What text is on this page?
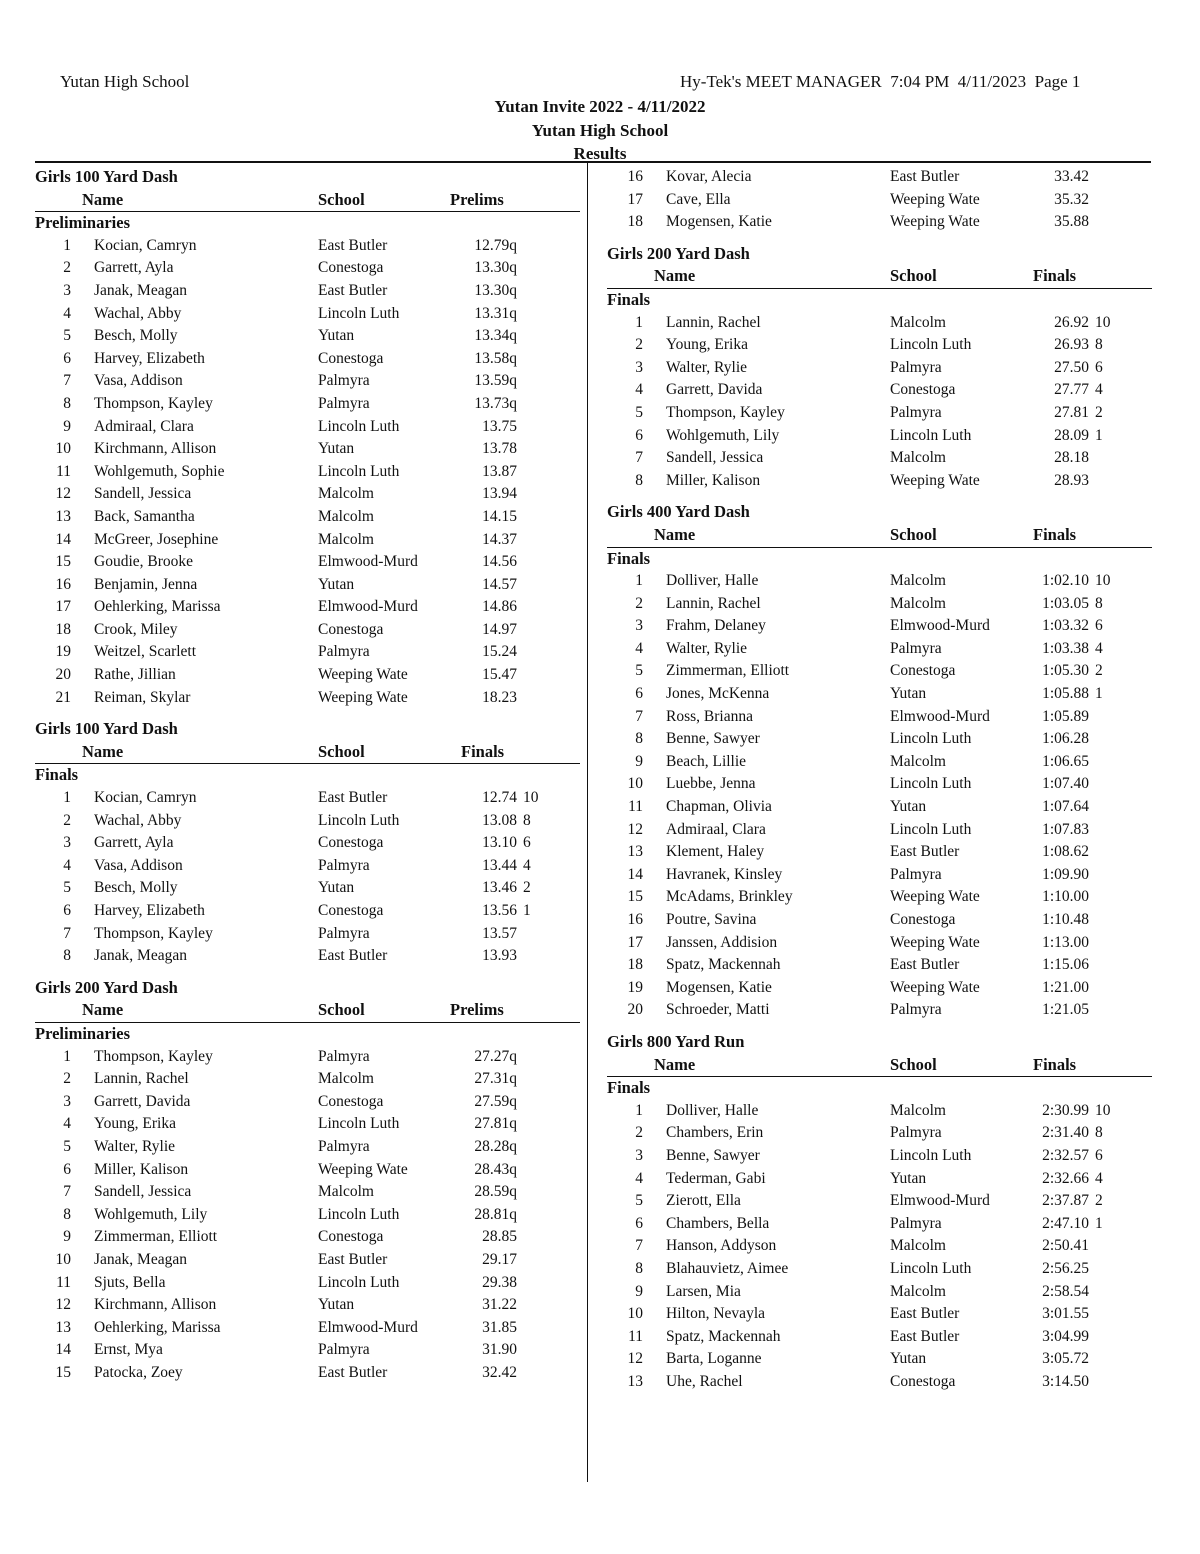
Yutan High School	Hy-Tek's MEET MANAGER  7:04 PM  4/11/2023  Page 1
Yutan Invite 2022 - 4/11/2022
Yutan High School
Results
Girls 100 Yard Dash
Name	School	Prelims
Preliminaries
1 Kocian, Camryn	East Butler	12.79q
2 Garrett, Ayla	Conestoga	13.30q
3 Janak, Meagan	East Butler	13.30q
4 Wachal, Abby	Lincoln Luth	13.31q
5 Besch, Molly	Yutan	13.34q
6 Harvey, Elizabeth	Conestoga	13.58q
7 Vasa, Addison	Palmyra	13.59q
8 Thompson, Kayley	Palmyra	13.73q
9 Admiraal, Clara	Lincoln Luth	13.75
10 Kirchmann, Allison	Yutan	13.78
11 Wohlgemuth, Sophie	Lincoln Luth	13.87
12 Sandell, Jessica	Malcolm	13.94
13 Back, Samantha	Malcolm	14.15
14 McGreer, Josephine	Malcolm	14.37
15 Goudie, Brooke	Elmwood-Murd	14.56
16 Benjamin, Jenna	Yutan	14.57
17 Oehlerking, Marissa	Elmwood-Murd	14.86
18 Crook, Miley	Conestoga	14.97
19 Weitzel, Scarlett	Palmyra	15.24
20 Rathe, Jillian	Weeping Wate	15.47
21 Reiman, Skylar	Weeping Wate	18.23
Girls 100 Yard Dash
Name	School	Finals
Finals
1 Kocian, Camryn	East Butler	12.74 10
2 Wachal, Abby	Lincoln Luth	13.08 8
3 Garrett, Ayla	Conestoga	13.10 6
4 Vasa, Addison	Palmyra	13.44 4
5 Besch, Molly	Yutan	13.46 2
6 Harvey, Elizabeth	Conestoga	13.56 1
7 Thompson, Kayley	Palmyra	13.57
8 Janak, Meagan	East Butler	13.93
Girls 200 Yard Dash
Name	School	Prelims
Preliminaries
1 Thompson, Kayley	Palmyra	27.27q
2 Lannin, Rachel	Malcolm	27.31q
3 Garrett, Davida	Conestoga	27.59q
4 Young, Erika	Lincoln Luth	27.81q
5 Walter, Rylie	Palmyra	28.28q
6 Miller, Kalison	Weeping Wate	28.43q
7 Sandell, Jessica	Malcolm	28.59q
8 Wohlgemuth, Lily	Lincoln Luth	28.81q
9 Zimmerman, Elliott	Conestoga	28.85
10 Janak, Meagan	East Butler	29.17
11 Sjuts, Bella	Lincoln Luth	29.38
12 Kirchmann, Allison	Yutan	31.22
13 Oehlerking, Marissa	Elmwood-Murd	31.85
14 Ernst, Mya	Palmyra	31.90
15 Patocka, Zoey	East Butler	32.42
16 Kovar, Alecia	East Butler	33.42
17 Cave, Ella	Weeping Wate	35.32
18 Mogensen, Katie	Weeping Wate	35.88
Girls 200 Yard Dash
Name	School	Finals
Finals
1 Lannin, Rachel	Malcolm	26.92 10
2 Young, Erika	Lincoln Luth	26.93 8
3 Walter, Rylie	Palmyra	27.50 6
4 Garrett, Davida	Conestoga	27.77 4
5 Thompson, Kayley	Palmyra	27.81 2
6 Wohlgemuth, Lily	Lincoln Luth	28.09 1
7 Sandell, Jessica	Malcolm	28.18
8 Miller, Kalison	Weeping Wate	28.93
Girls 400 Yard Dash
Name	School	Finals
Finals
1 Dolliver, Halle	Malcolm	1:02.10 10
2 Lannin, Rachel	Malcolm	1:03.05 8
3 Frahm, Delaney	Elmwood-Murd	1:03.32 6
4 Walter, Rylie	Palmyra	1:03.38 4
5 Zimmerman, Elliott	Conestoga	1:05.30 2
6 Jones, McKenna	Yutan	1:05.88 1
7 Ross, Brianna	Elmwood-Murd	1:05.89
8 Benne, Sawyer	Lincoln Luth	1:06.28
9 Beach, Lillie	Malcolm	1:06.65
10 Luebbe, Jenna	Lincoln Luth	1:07.40
11 Chapman, Olivia	Yutan	1:07.64
12 Admiraal, Clara	Lincoln Luth	1:07.83
13 Klement, Haley	East Butler	1:08.62
14 Havranek, Kinsley	Palmyra	1:09.90
15 McAdams, Brinkley	Weeping Wate	1:10.00
16 Poutre, Savina	Conestoga	1:10.48
17 Janssen, Addision	Weeping Wate	1:13.00
18 Spatz, Mackennah	East Butler	1:15.06
19 Mogensen, Katie	Weeping Wate	1:21.00
20 Schroeder, Matti	Palmyra	1:21.05
Girls 800 Yard Run
Name	School	Finals
Finals
1 Dolliver, Halle	Malcolm	2:30.99 10
2 Chambers, Erin	Palmyra	2:31.40 8
3 Benne, Sawyer	Lincoln Luth	2:32.57 6
4 Tederman, Gabi	Yutan	2:32.66 4
5 Zierott, Ella	Elmwood-Murd	2:37.87 2
6 Chambers, Bella	Palmyra	2:47.10 1
7 Hanson, Addyson	Malcolm	2:50.41
8 Blahauvietz, Aimee	Lincoln Luth	2:56.25
9 Larsen, Mia	Malcolm	2:58.54
10 Hilton, Nevayla	East Butler	3:01.55
11 Spatz, Mackennah	East Butler	3:04.99
12 Barta, Loganne	Yutan	3:05.72
13 Uhe, Rachel	Conestoga	3:14.50
